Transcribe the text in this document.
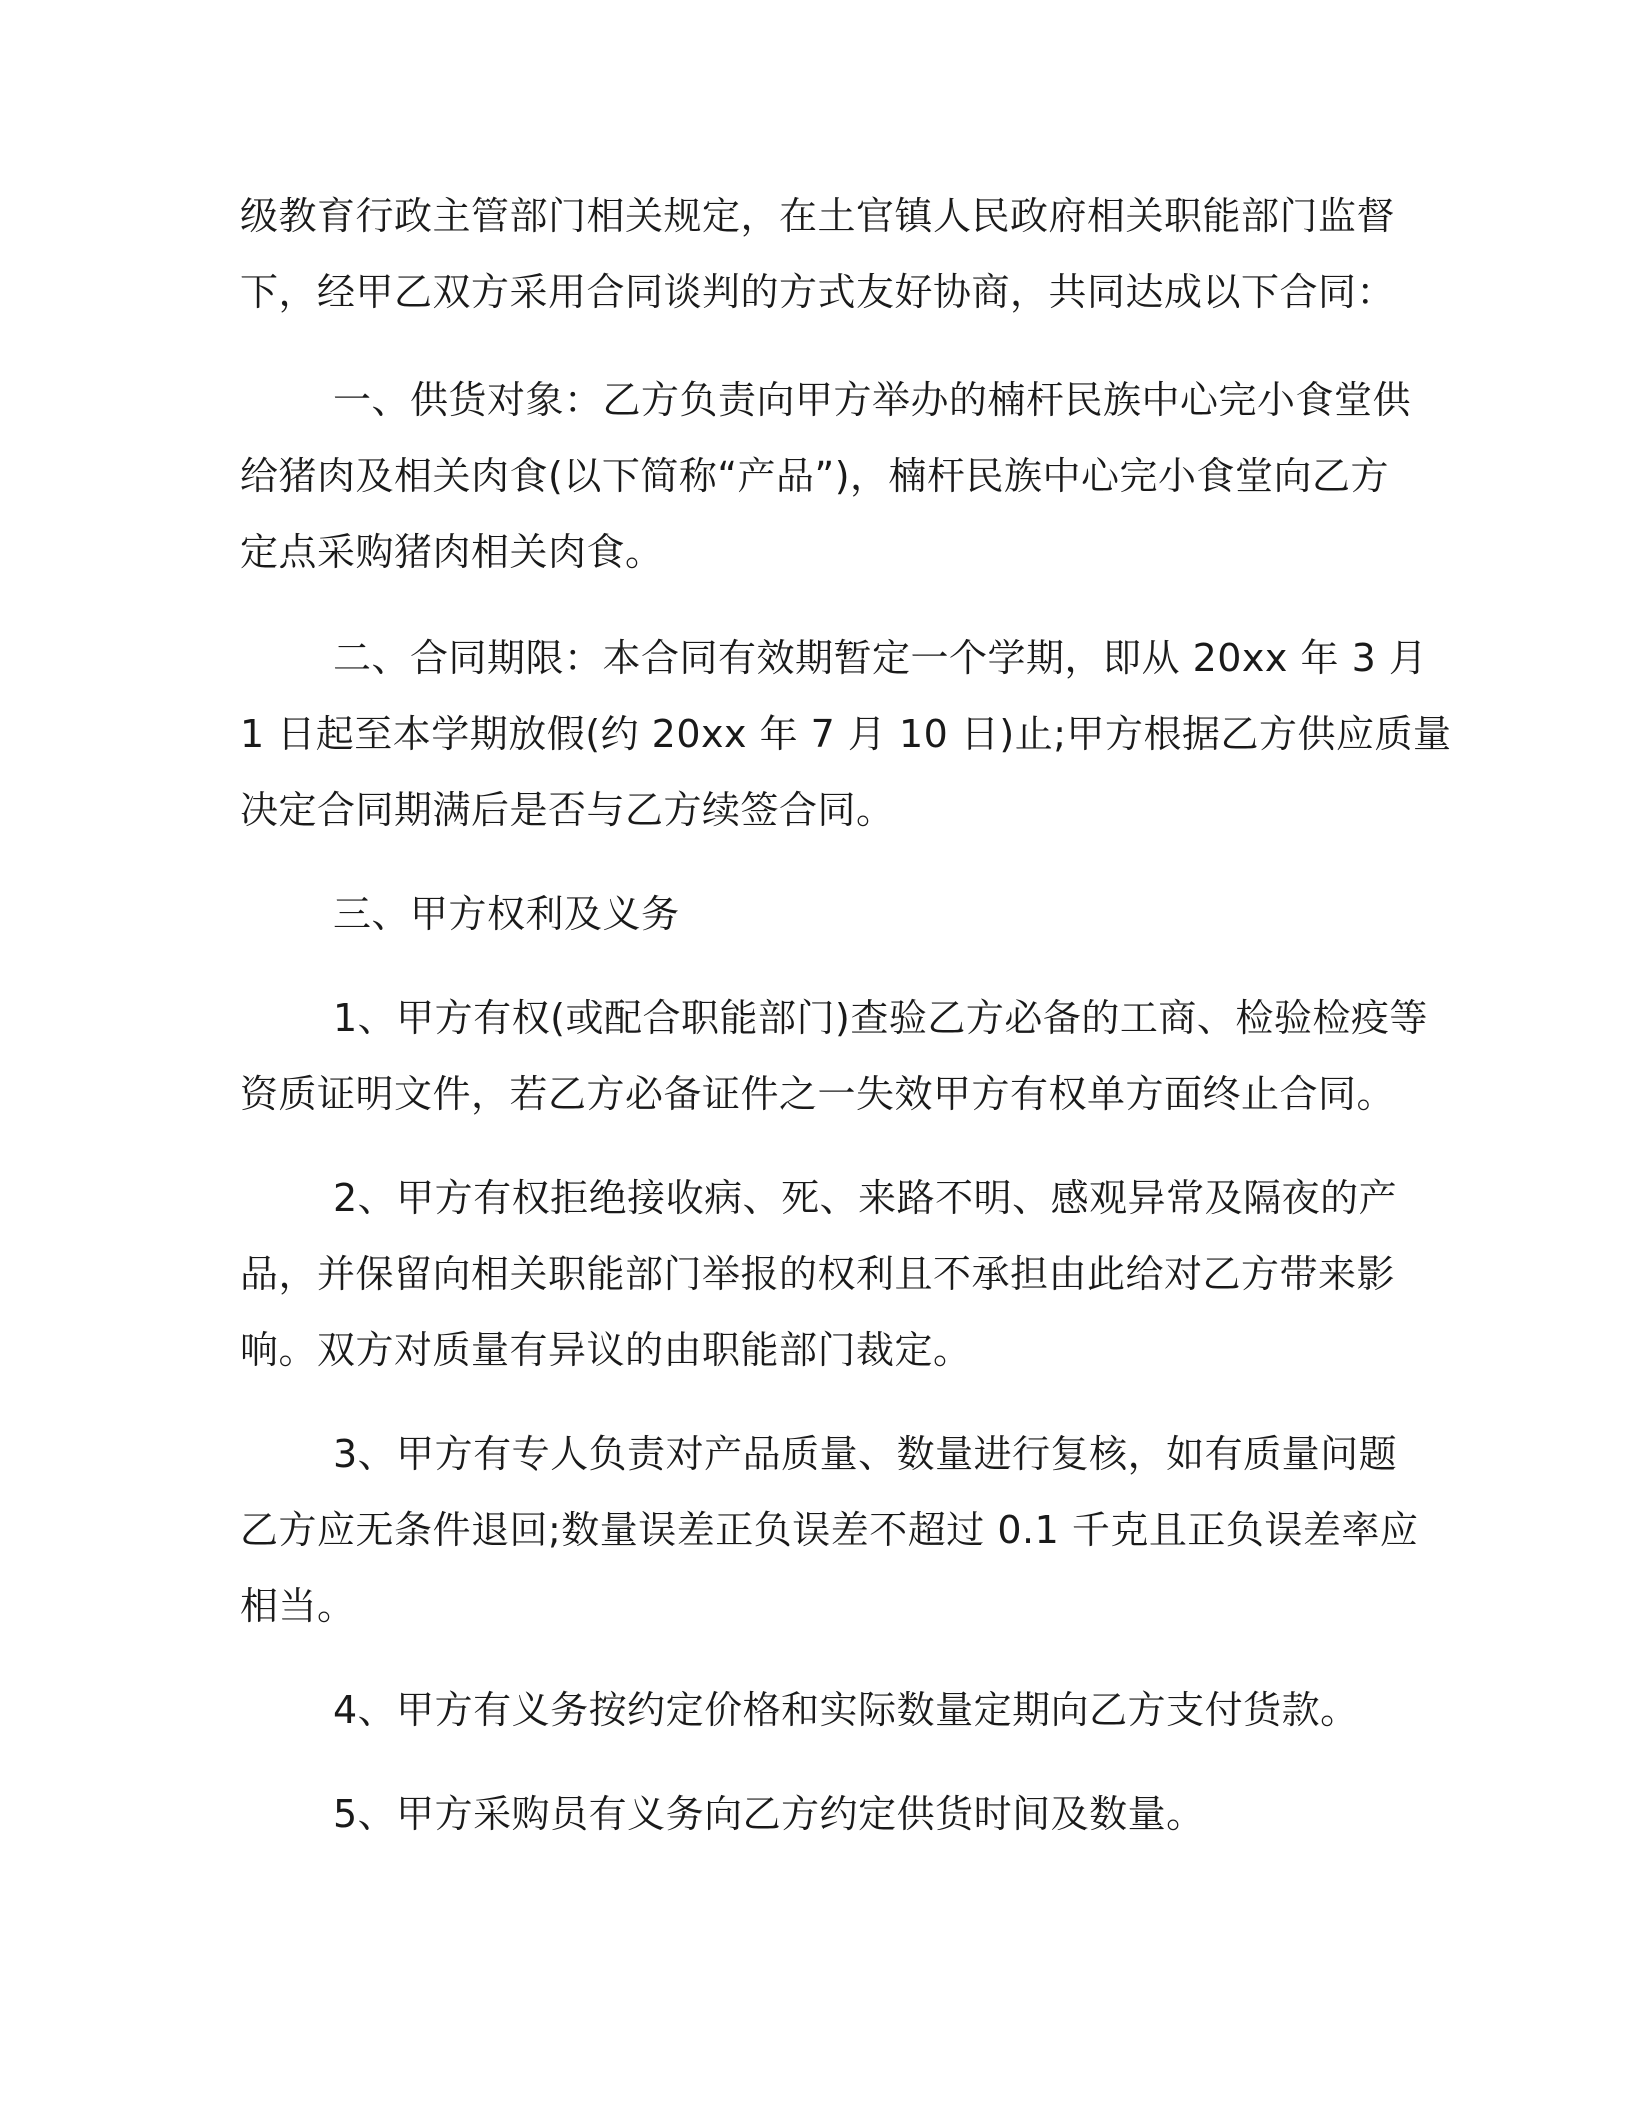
级教育行政主管部门相关规定，在土官镇人民政府相关职能部门监督
下，经甲乙双方采用合同谈判的方式友好协商，共同达成以下合同：
一、供货对象：乙方负责向甲方举办的楠杆民族中心完小食堂供
给猪肉及相关肉食(以下简称“产品”)，楠杆民族中心完小食堂向乙方
定点采购猪肉相关肉食。
二、合同期限：本合同有效期暂定一个学期，即从 20xx 年 3 月
1 日起至本学期放假(约 20xx 年 7 月 10 日)止;甲方根据乙方供应质量
决定合同期满后是否与乙方续签合同。
三、甲方权利及义务
1、甲方有权(或配合职能部门)查验乙方必备的工商、检验检疫等
资质证明文件，若乙方必备证件之一失效甲方有权单方面终止合同。
2、甲方有权拒绝接收病、死、来路不明、感观异常及隔夜的产
品，并保留向相关职能部门举报的权利且不承担由此给对乙方带来影
响。双方对质量有异议的由职能部门裁定。
3、甲方有专人负责对产品质量、数量进行复核，如有质量问题
乙方应无条件退回;数量误差正负误差不超过 0.1 千克且正负误差率应
相当。
4、甲方有义务按约定价格和实际数量定期向乙方支付货款。
5、甲方采购员有义务向乙方约定供货时间及数量。
